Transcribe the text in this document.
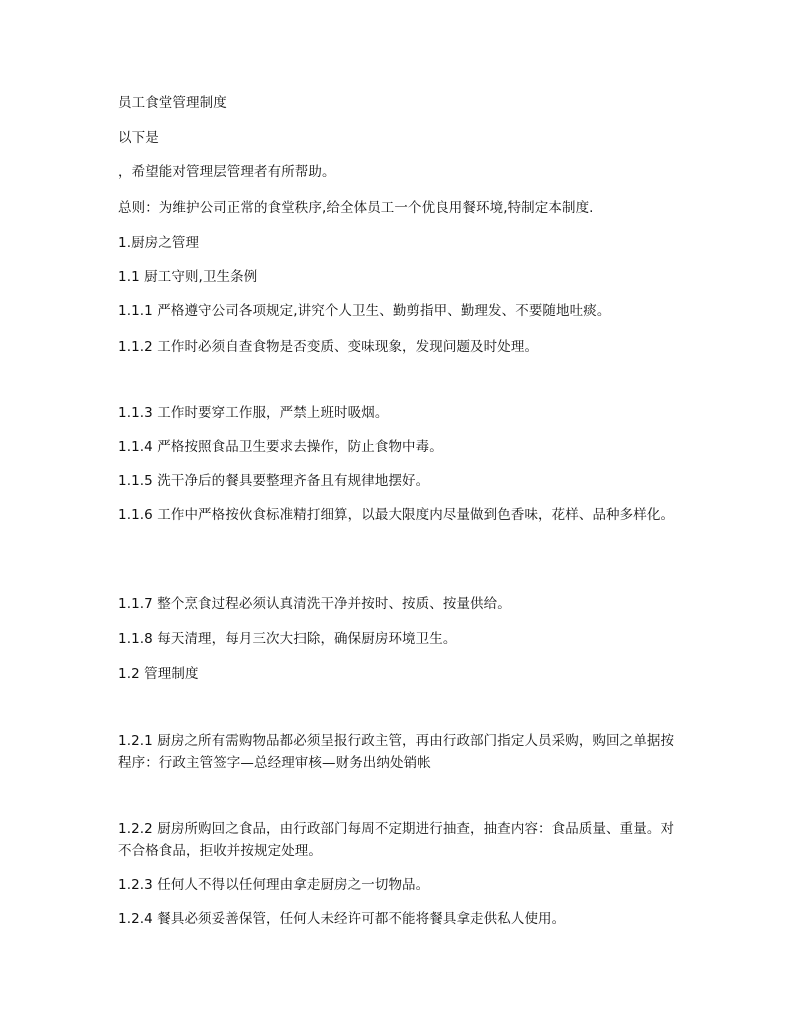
员工食堂管理制度
以下是
，希望能对管理层管理者有所帮助。
总则：为维护公司正常的食堂秩序,给全体员工一个优良用餐环境,特制定本制度.
1.厨房之管理
1.1 厨工守则,卫生条例
1.1.1 严格遵守公司各项规定,讲究个人卫生、勤剪指甲、勤理发、不要随地吐痰。
1.1.2 工作时必须自查食物是否变质、变味现象，发现问题及时处理。
1.1.3 工作时要穿工作服，严禁上班时吸烟。
1.1.4 严格按照食品卫生要求去操作，防止食物中毒。
1.1.5 洗干净后的餐具要整理齐备且有规律地摆好。
1.1.6 工作中严格按伙食标准精打细算，以最大限度内尽量做到色香味，花样、品种多样化。
1.1.7 整个烹食过程必须认真清洗干净并按时、按质、按量供给。
1.1.8 每天清理，每月三次大扫除，确保厨房环境卫生。
1.2 管理制度
1.2.1 厨房之所有需购物品都必须呈报行政主管，再由行政部门指定人员采购，购回之单据按程序：行政主管签字—总经理审核—财务出纳处销帐
1.2.2 厨房所购回之食品，由行政部门每周不定期进行抽查，抽查内容：食品质量、重量。对不合格食品，拒收并按规定处理。
1.2.3 任何人不得以任何理由拿走厨房之一切物品。
1.2.4 餐具必须妥善保管，任何人未经许可都不能将餐具拿走供私人使用。
